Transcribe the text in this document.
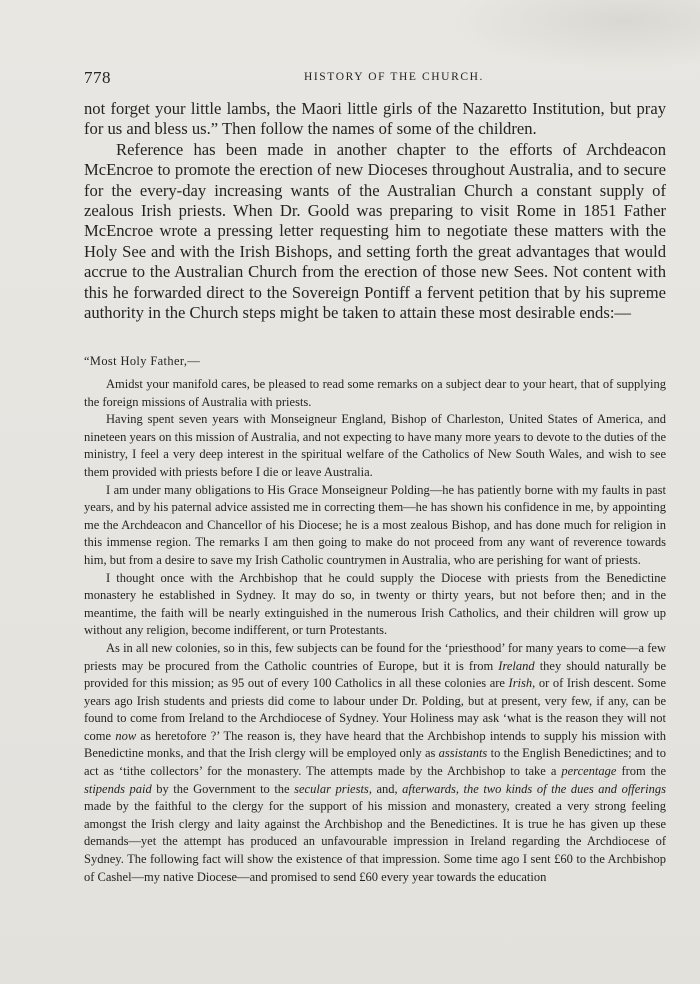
778	HISTORY OF THE CHURCH.

not forget your little lambs, the Maori little girls of the Nazaretto Institution, but pray for us and bless us.” Then follow the names of some of the children.

Reference has been made in another chapter to the efforts of Archdeacon McEncroe to promote the erection of new Dioceses throughout Australia, and to secure for the every-day increasing wants of the Australian Church a constant supply of zealous Irish priests. When Dr. Goold was preparing to visit Rome in 1851 Father McEncroe wrote a pressing letter requesting him to negotiate these matters with the Holy See and with the Irish Bishops, and setting forth the great advantages that would accrue to the Australian Church from the erection of those new Sees. Not content with this he forwarded direct to the Sovereign Pontiff a fervent petition that by his supreme authority in the Church steps might be taken to attain these most desirable ends:—

“Most Holy Father,—

Amidst your manifold cares, be pleased to read some remarks on a subject dear to your heart, that of supplying the foreign missions of Australia with priests.

Having spent seven years with Monseigneur England, Bishop of Charleston, United States of America, and nineteen years on this mission of Australia, and not expecting to have many more years to devote to the duties of the ministry, I feel a very deep interest in the spiritual welfare of the Catholics of New South Wales, and wish to see them provided with priests before I die or leave Australia.

I am under many obligations to His Grace Monseigneur Polding—he has patiently borne with my faults in past years, and by his paternal advice assisted me in correcting them—he has shown his confidence in me, by appointing me the Archdeacon and Chancellor of his Diocese; he is a most zealous Bishop, and has done much for religion in this immense region. The remarks I am then going to make do not proceed from any want of reverence towards him, but from a desire to save my Irish Catholic countrymen in Australia, who are perishing for want of priests.

I thought once with the Archbishop that he could supply the Diocese with priests from the Benedictine monastery he established in Sydney. It may do so, in twenty or thirty years, but not before then; and in the meantime, the faith will be nearly extinguished in the numerous Irish Catholics, and their children will grow up without any religion, become indifferent, or turn Protestants.

As in all new colonies, so in this, few subjects can be found for the ‘priesthood’ for many years to come—a few priests may be procured from the Catholic countries of Europe, but it is from Ireland they should naturally be provided for this mission; as 95 out of every 100 Catholics in all these colonies are Irish, or of Irish descent. Some years ago Irish students and priests did come to labour under Dr. Polding, but at present, very few, if any, can be found to come from Ireland to the Archdiocese of Sydney. Your Holiness may ask ‘what is the reason they will not come now as heretofore ?’ The reason is, they have heard that the Archbishop intends to supply his mission with Benedictine monks, and that the Irish clergy will be employed only as assistants to the English Benedictines; and to act as ‘tithe collectors’ for the monastery. The attempts made by the Archbishop to take a percentage from the stipends paid by the Government to the secular priests, and, afterwards, the two kinds of the dues and offerings made by the faithful to the clergy for the support of his mission and monastery, created a very strong feeling amongst the Irish clergy and laity against the Archbishop and the Benedictines. It is true he has given up these demands—yet the attempt has produced an unfavourable impression in Ireland regarding the Archdiocese of Sydney. The following fact will show the existence of that impression. Some time ago I sent £60 to the Archbishop of Cashel—my native Diocese—and promised to send £60 every year towards the education
